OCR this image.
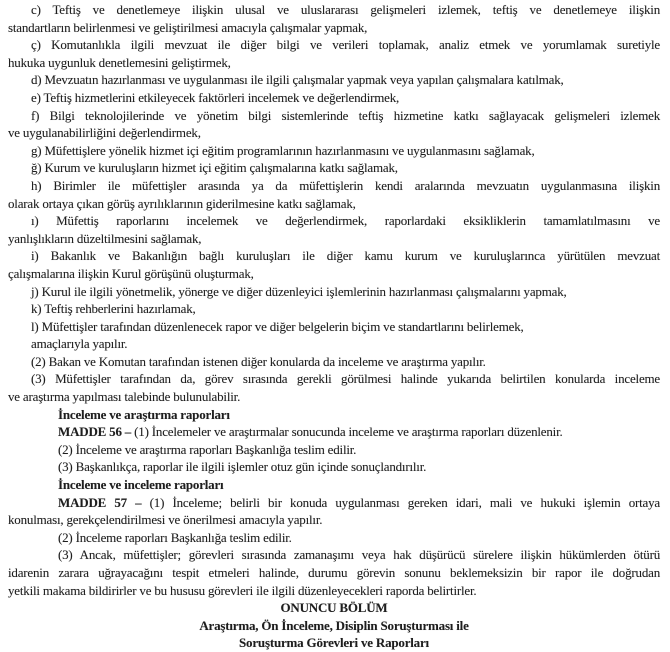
c) Teftiş ve denetlemeye ilişkin ulusal ve uluslararası gelişmeleri izlemek, teftiş ve denetlemeye ilişkin
standartların belirlenmesi ve geliştirilmesi amacıyla çalışmalar yapmak,

ç) Komutanlıkla ilgili mevzuat ile diğer bilgi ve verileri toplamak, analiz etmek ve yorumlamak suretiyle
hukuka uygunluk denetlemesini geliştirmek,

d) Mevzuatın hazırlanması ve uygulanması ile ilgili çalışmalar yapmak veya yapılan çalışmalara katılmak,

e) Teftiş hizmetlerini etkileyecek faktörleri incelemek ve değerlendirmek,

f) Bilgi teknolojilerinde ve yönetim bilgi sistemlerinde teftiş hizmetine katkı sağlayacak gelişmeleri izlemek
ve uygulanabilirliğini değerlendirmek,

g) Müfettişlere yönelik hizmet içi eğitim programlarının hazırlanmasını ve uygulanmasını sağlamak,

ğ) Kurum ve kuruluşların hizmet içi eğitim çalışmalarına katkı sağlamak,

h) Birimler ile müfettişler arasında ya da müfettişlerin kendi aralarında mevzuatın uygulanmasına ilişkin
olarak ortaya çıkan görüş ayrılıklarının giderilmesine katkı sağlamak,

ı) Müfettiş raporlarını incelemek ve değerlendirmek, raporlardaki eksikliklerin tamamlatılmasını ve
yanlışlıkların düzeltilmesini sağlamak,

i) Bakanlık ve Bakanlığın bağlı kuruluşları ile diğer kamu kurum ve kuruluşlarınca yürütülen mevzuat
çalışmalarına ilişkin Kurul görüşünü oluşturmak,

j) Kurul ile ilgili yönetmelik, yönerge ve diğer düzenleyici işlemlerinin hazırlanması çalışmalarını yapmak,

k) Teftiş rehberlerini hazırlamak,

l) Müfettişler tarafından düzenlenecek rapor ve diğer belgelerin biçim ve standartlarını belirlemek,

amaçlarıyla yapılır.

(2) Bakan ve Komutan tarafından istenen diğer konularda da inceleme ve araştırma yapılır.

(3) Müfettişler tarafından da, görev sırasında gerekli görülmesi halinde yukarıda belirtilen konularda inceleme
ve araştırma yapılması talebinde bulunulabilir.

İnceleme ve araştırma raporları

MADDE 56 – (1) İncelemeler ve araştırmalar sonucunda inceleme ve araştırma raporları düzenlenir.

(2) İnceleme ve araştırma raporları Başkanlığa teslim edilir.

(3) Başkanlıkça, raporlar ile ilgili işlemler otuz gün içinde sonuçlandırılır.

İnceleme ve inceleme raporları

MADDE 57 – (1) İnceleme; belirli bir konuda uygulanması gereken idari, mali ve hukuki işlemin ortaya
konulması, gerekçelendirilmesi ve önerilmesi amacıyla yapılır.

(2) İnceleme raporları Başkanlığa teslim edilir.

(3) Ancak, müfettişler; görevleri sırasında zamanaşımı veya hak düşürücü sürelere ilişkin hükümlerden ötürü
idarenin zarara uğrayacağını tespit etmeleri halinde, durumu görevin sonunu beklemeksizin bir rapor ile doğrudan
yetkili makama bildirirler ve bu hususu görevleri ile ilgili düzenleyecekleri raporda belirtirler.

ONUNCU BÖLÜM

Araştırma, Ön İnceleme, Disiplin Soruşturması ile

Soruşturma Görevleri ve Raporları
